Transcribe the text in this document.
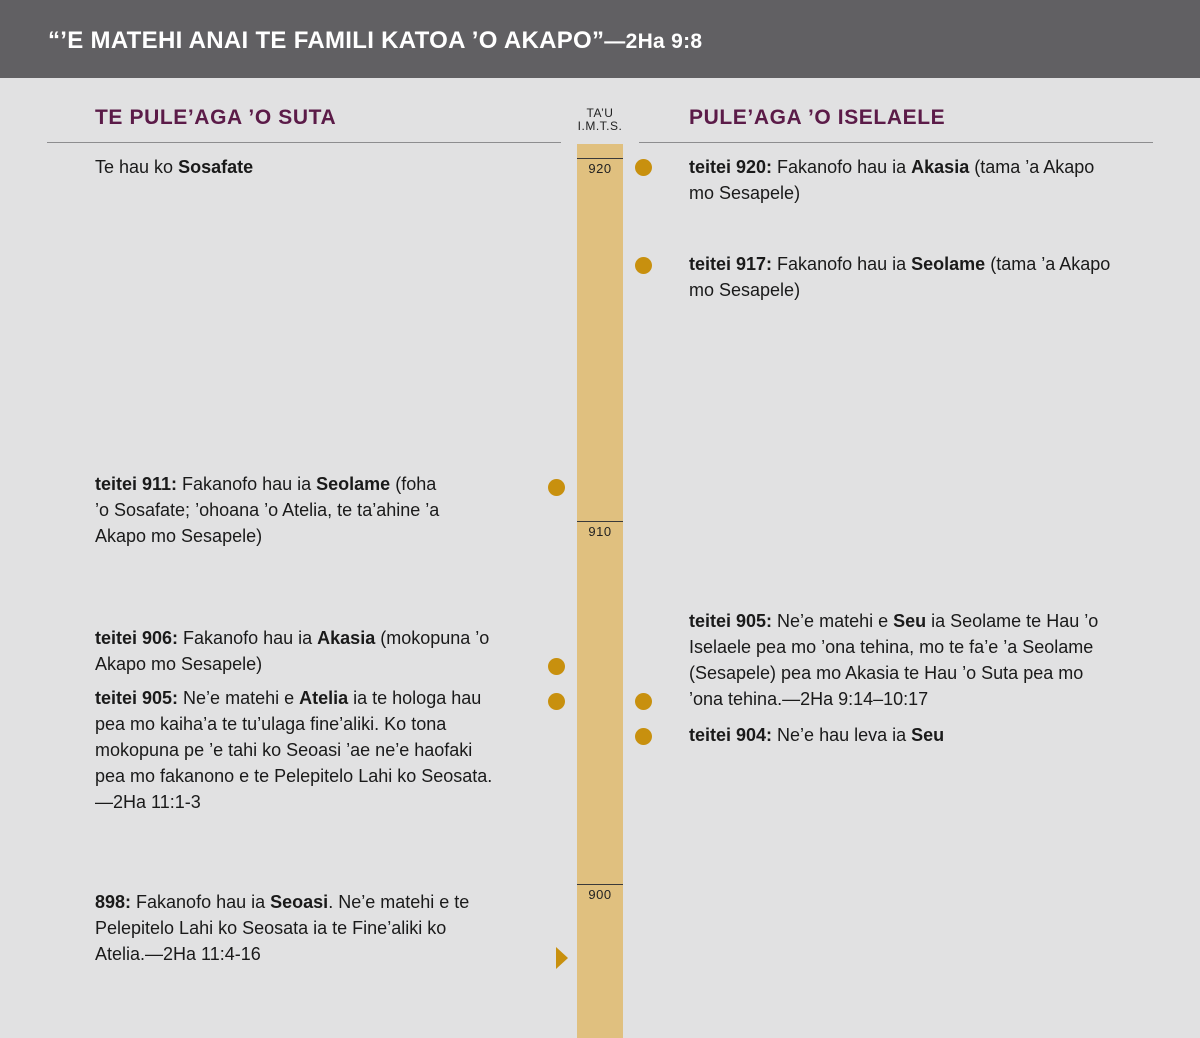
“’E MATEHI ANAI TE FAMILI KATOA ’O AKAPO”—2Ha 9:8
TE PULE’AGA ’O SUTA	PULE’AGA ’O ISELAELE
TA’U
I.M.T.S.
920
910
900
Te hau ko Sosafate
teitei 911: Fakanofo hau ia Seolame (foha ’o Sosafate; ’ohoana ’o Atelia, te ta’ahine ’a Akapo mo Sesapele)
teitei 906: Fakanofo hau ia Akasia (mokopuna ’o Akapo mo Sesapele)
teitei 905: Ne’e matehi e Atelia ia te hologa hau pea mo kaiha’a te tu’ulaga fine’aliki. Ko tona mokopuna pe ’e tahi ko Seoasi ’ae ne’e haofaki pea mo fakanono e te Pelepitelo Lahi ko Seosata.—2Ha 11:1-3
898: Fakanofo hau ia Seoasi. Ne’e matehi e te Pelepitelo Lahi ko Seosata ia te Fine’aliki ko Atelia.—2Ha 11:4-16
teitei 920: Fakanofo hau ia Akasia (tama ’a Akapo mo Sesapele)
teitei 917: Fakanofo hau ia Seolame (tama ’a Akapo mo Sesapele)
teitei 905: Ne’e matehi e Seu ia Seolame te Hau ’o Iselaele pea mo ’ona tehina, mo te fa’e ’a Seolame (Sesapele) pea mo Akasia te Hau ’o Suta pea mo ’ona tehina.—2Ha 9:14–10:17
teitei 904: Ne’e hau leva ia Seu
